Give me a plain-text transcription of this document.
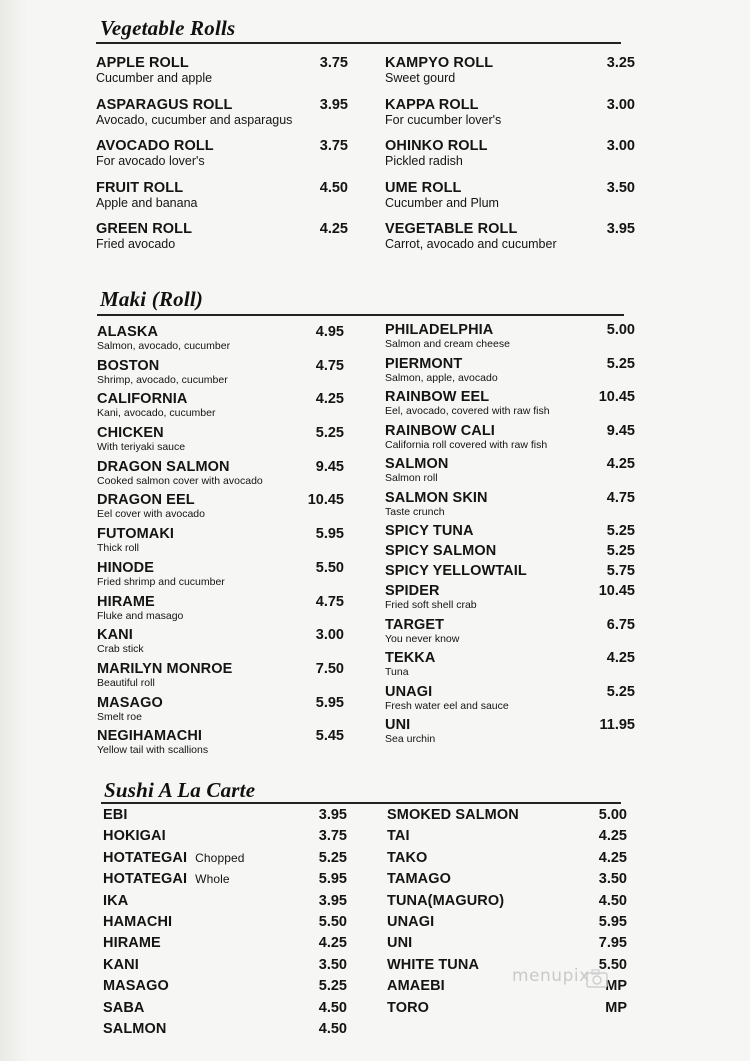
Vegetable Rolls
APPLE ROLL
Cucumber and apple
3.75
ASPARAGUS ROLL
Avocado, cucumber and asparagus
3.95
AVOCADO ROLL
For avocado lover's
3.75
FRUIT ROLL
Apple and banana
4.50
GREEN ROLL
Fried avocado
4.25
KAMPYO ROLL
Sweet gourd
3.25
KAPPA ROLL
For cucumber lover's
3.00
OHINKO ROLL
Pickled radish
3.00
UME ROLL
Cucumber and Plum
3.50
VEGETABLE ROLL
Carrot, avocado and cucumber
3.95
Maki (Roll)
ALASKA
Salmon, avocado, cucumber
4.95
BOSTON
Shrimp, avocado, cucumber
4.75
CALIFORNIA
Kani, avocado, cucumber
4.25
CHICKEN
With teriyaki sauce
5.25
DRAGON SALMON
Cooked salmon cover with avocado
9.45
DRAGON EEL
Eel cover with avocado
10.45
FUTOMAKI
Thick roll
5.95
HINODE
Fried shrimp and cucumber
5.50
HIRAME
Fluke and masago
4.75
KANI
Crab stick
3.00
MARILYN MONROE
Beautiful roll
7.50
MASAGO
Smelt roe
5.95
NEGIHAMACHI
Yellow tail with scallions
5.45
PHILADELPHIA
Salmon and cream cheese
5.00
PIERMONT
Salmon, apple, avocado
5.25
RAINBOW EEL
Eel, avocado, covered with raw fish
10.45
RAINBOW CALI
California roll covered with raw fish
9.45
SALMON
Salmon roll
4.25
SALMON SKIN
Taste crunch
4.75
SPICY TUNA	5.25
SPICY SALMON	5.25
SPICY YELLOWTAIL	5.75
SPIDER
Fried soft shell crab
10.45
TARGET
You never know
6.75
TEKKA
Tuna
4.25
UNAGI
Fresh water eel and sauce
5.25
UNI
Sea urchin
11.95
Sushi A La Carte
EBI	3.95
HOKIGAI	3.75
HOTATEGAI Chopped	5.25
HOTATEGAI Whole	5.95
IKA	3.95
HAMACHI	5.50
HIRAME	4.25
KANI	3.50
MASAGO	5.25
SABA	4.50
SALMON	4.50
SMOKED SALMON	5.00
TAI	4.25
TAKO	4.25
TAMAGO	3.50
TUNA(MAGURO)	4.50
UNAGI	5.95
UNI	7.95
WHITE TUNA	5.50
AMAEBI	MP
TORO	MP
menupix
